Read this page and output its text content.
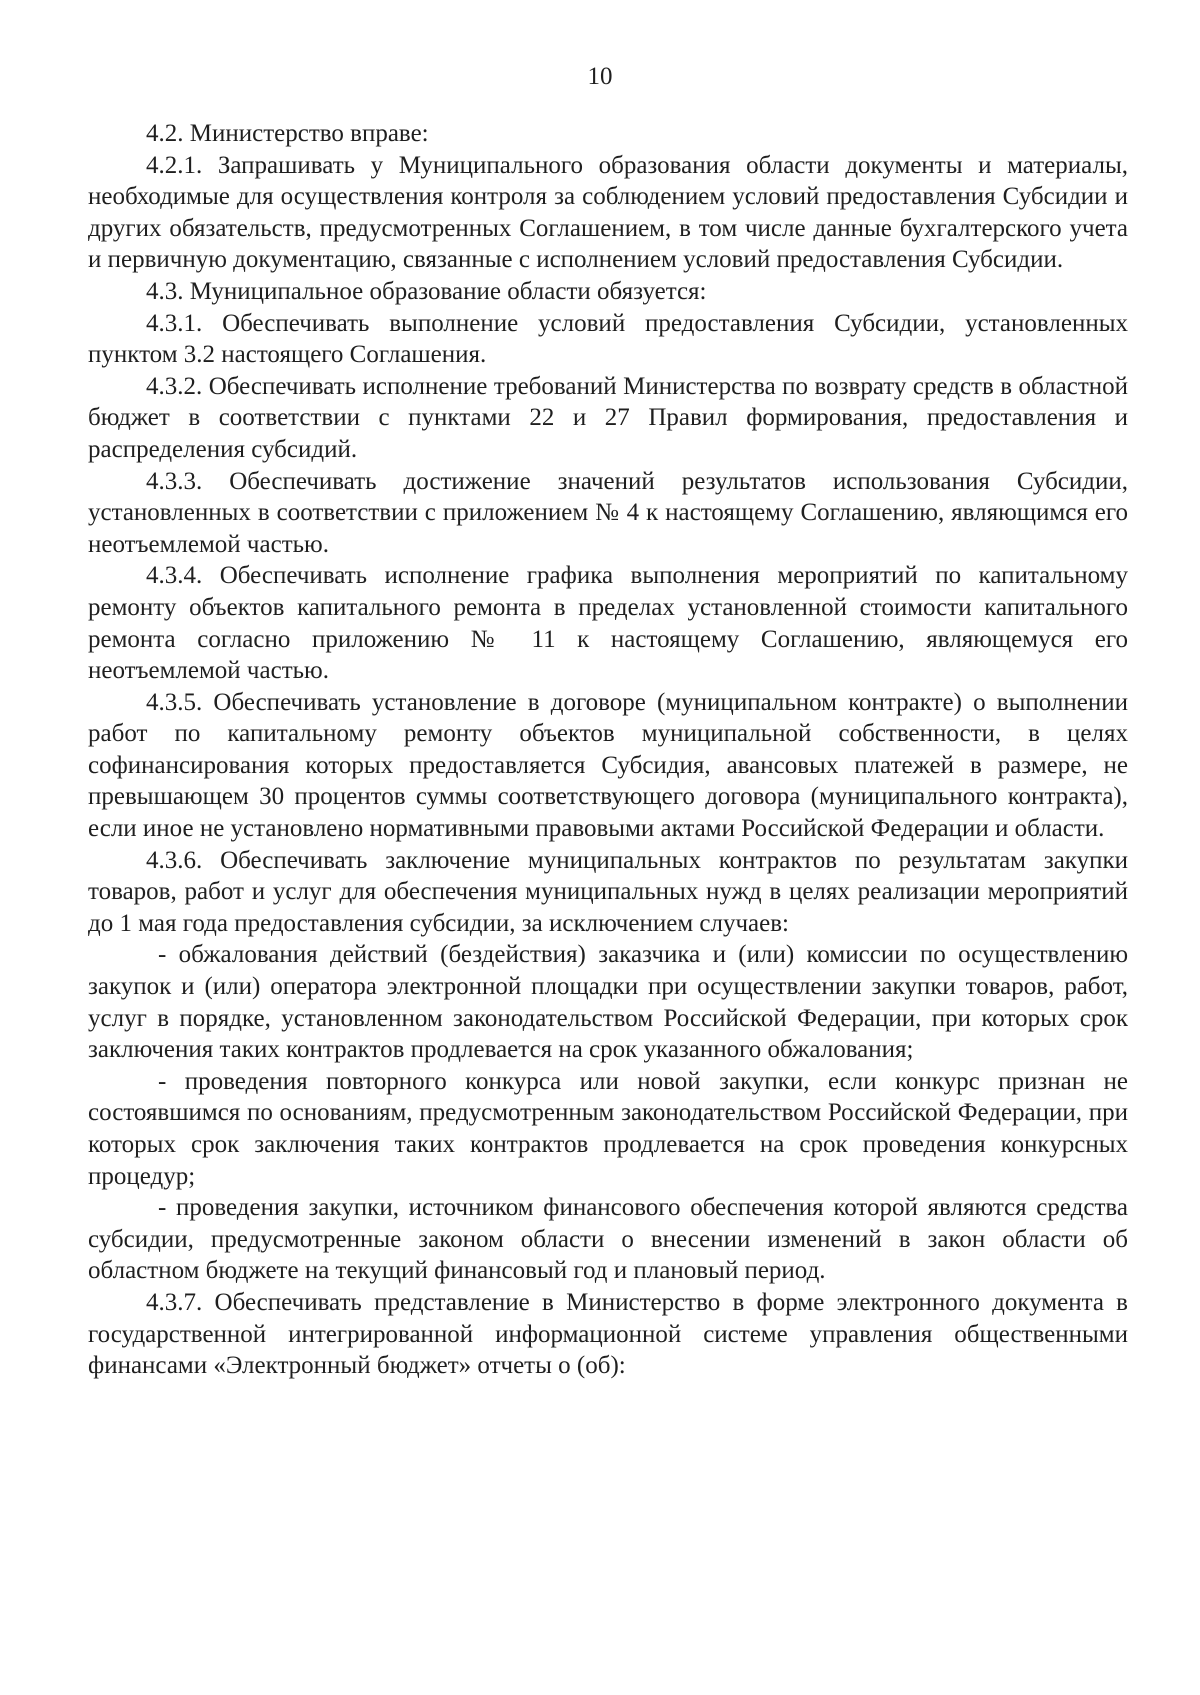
10

4.2. Министерство вправе:

4.2.1. Запрашивать у Муниципального образования области документы и материалы, необходимые для осуществления контроля за соблюдением условий предоставления Субсидии и других обязательств, предусмотренных Соглашением, в том числе данные бухгалтерского учета и первичную документацию, связанные с исполнением условий предоставления Субсидии.

4.3. Муниципальное образование области обязуется:

4.3.1. Обеспечивать выполнение условий предоставления Субсидии, установленных пунктом 3.2 настоящего Соглашения.

4.3.2. Обеспечивать исполнение требований Министерства по возврату средств в областной бюджет в соответствии с пунктами 22 и 27 Правил формирования, предоставления и распределения субсидий.

4.3.3. Обеспечивать достижение значений результатов использования Субсидии, установленных в соответствии с приложением № 4 к настоящему Соглашению, являющимся его неотъемлемой частью.

4.3.4. Обеспечивать исполнение графика выполнения мероприятий по капитальному ремонту объектов капитального ремонта в пределах установленной стоимости капитального ремонта согласно приложению № 11 к настоящему Соглашению, являющемуся его неотъемлемой частью.

4.3.5. Обеспечивать установление в договоре (муниципальном контракте) о выполнении работ по капитальному ремонту объектов муниципальной собственности, в целях софинансирования которых предоставляется Субсидия, авансовых платежей в размере, не превышающем 30 процентов суммы соответствующего договора (муниципального контракта), если иное не установлено нормативными правовыми актами Российской Федерации и области.

4.3.6. Обеспечивать заключение муниципальных контрактов по результатам закупки товаров, работ и услуг для обеспечения муниципальных нужд в целях реализации мероприятий до 1 мая года предоставления субсидии, за исключением случаев:

- обжалования действий (бездействия) заказчика и (или) комиссии по осуществлению закупок и (или) оператора электронной площадки при осуществлении закупки товаров, работ, услуг в порядке, установленном законодательством Российской Федерации, при которых срок заключения таких контрактов продлевается на срок указанного обжалования;

- проведения повторного конкурса или новой закупки, если конкурс признан не состоявшимся по основаниям, предусмотренным законодательством Российской Федерации, при которых срок заключения таких контрактов продлевается на срок проведения конкурсных процедур;

- проведения закупки, источником финансового обеспечения которой являются средства субсидии, предусмотренные законом области о внесении изменений в закон области об областном бюджете на текущий финансовый год и плановый период.

4.3.7. Обеспечивать представление в Министерство в форме электронного документа в государственной интегрированной информационной системе управления общественными финансами «Электронный бюджет» отчеты о (об):
